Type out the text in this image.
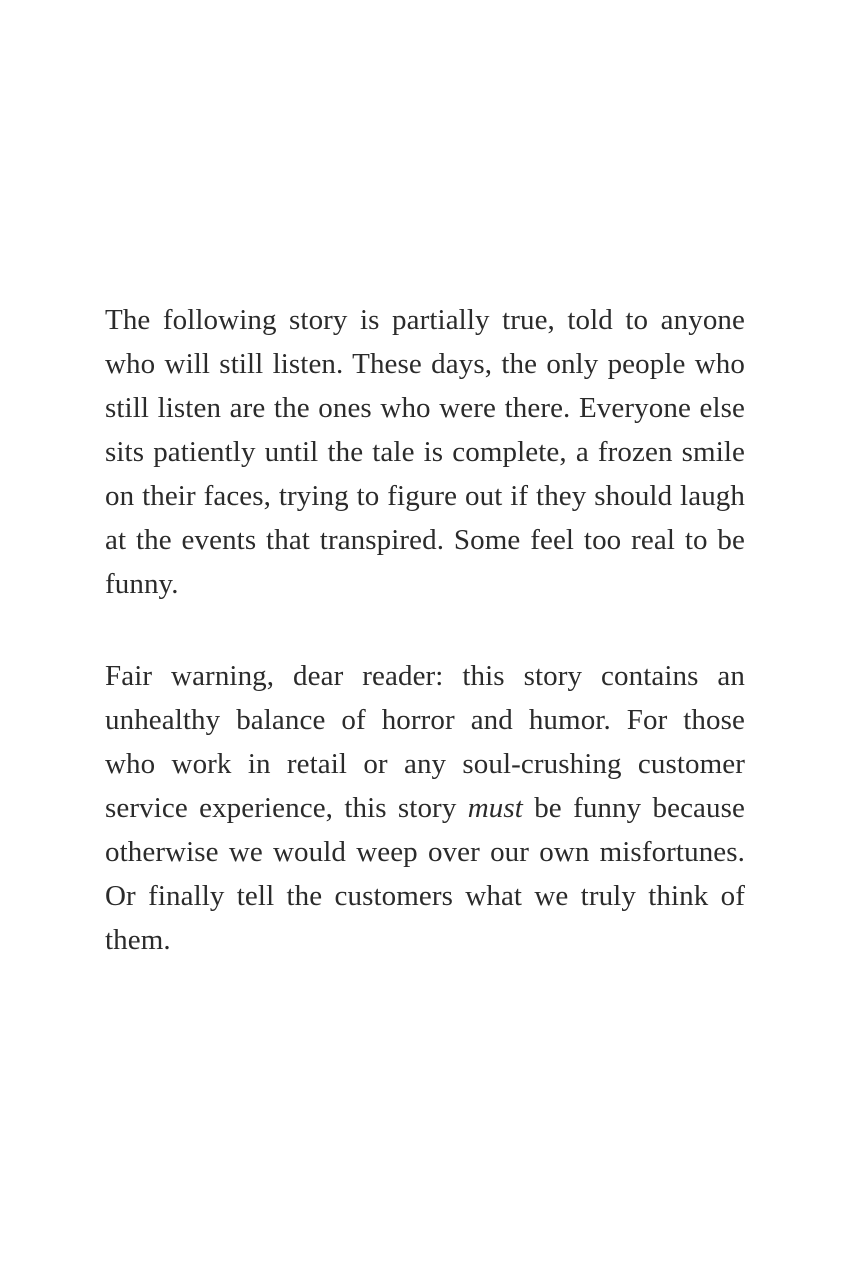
The following story is partially true, told to anyone
who will still listen. These days, the only people who
still listen are the ones who were there. Everyone else
sits patiently until the tale is complete, a frozen smile
on their faces, trying to figure out if they should laugh
at the events that transpired. Some feel too real to be
funny.
Fair warning, dear reader: this story contains an
unhealthy balance of horror and humor. For those
who work in retail or any soul-crushing customer
service experience, this story must be funny because
otherwise we would weep over our own misfortunes.
Or finally tell the customers what we truly think of
them.
